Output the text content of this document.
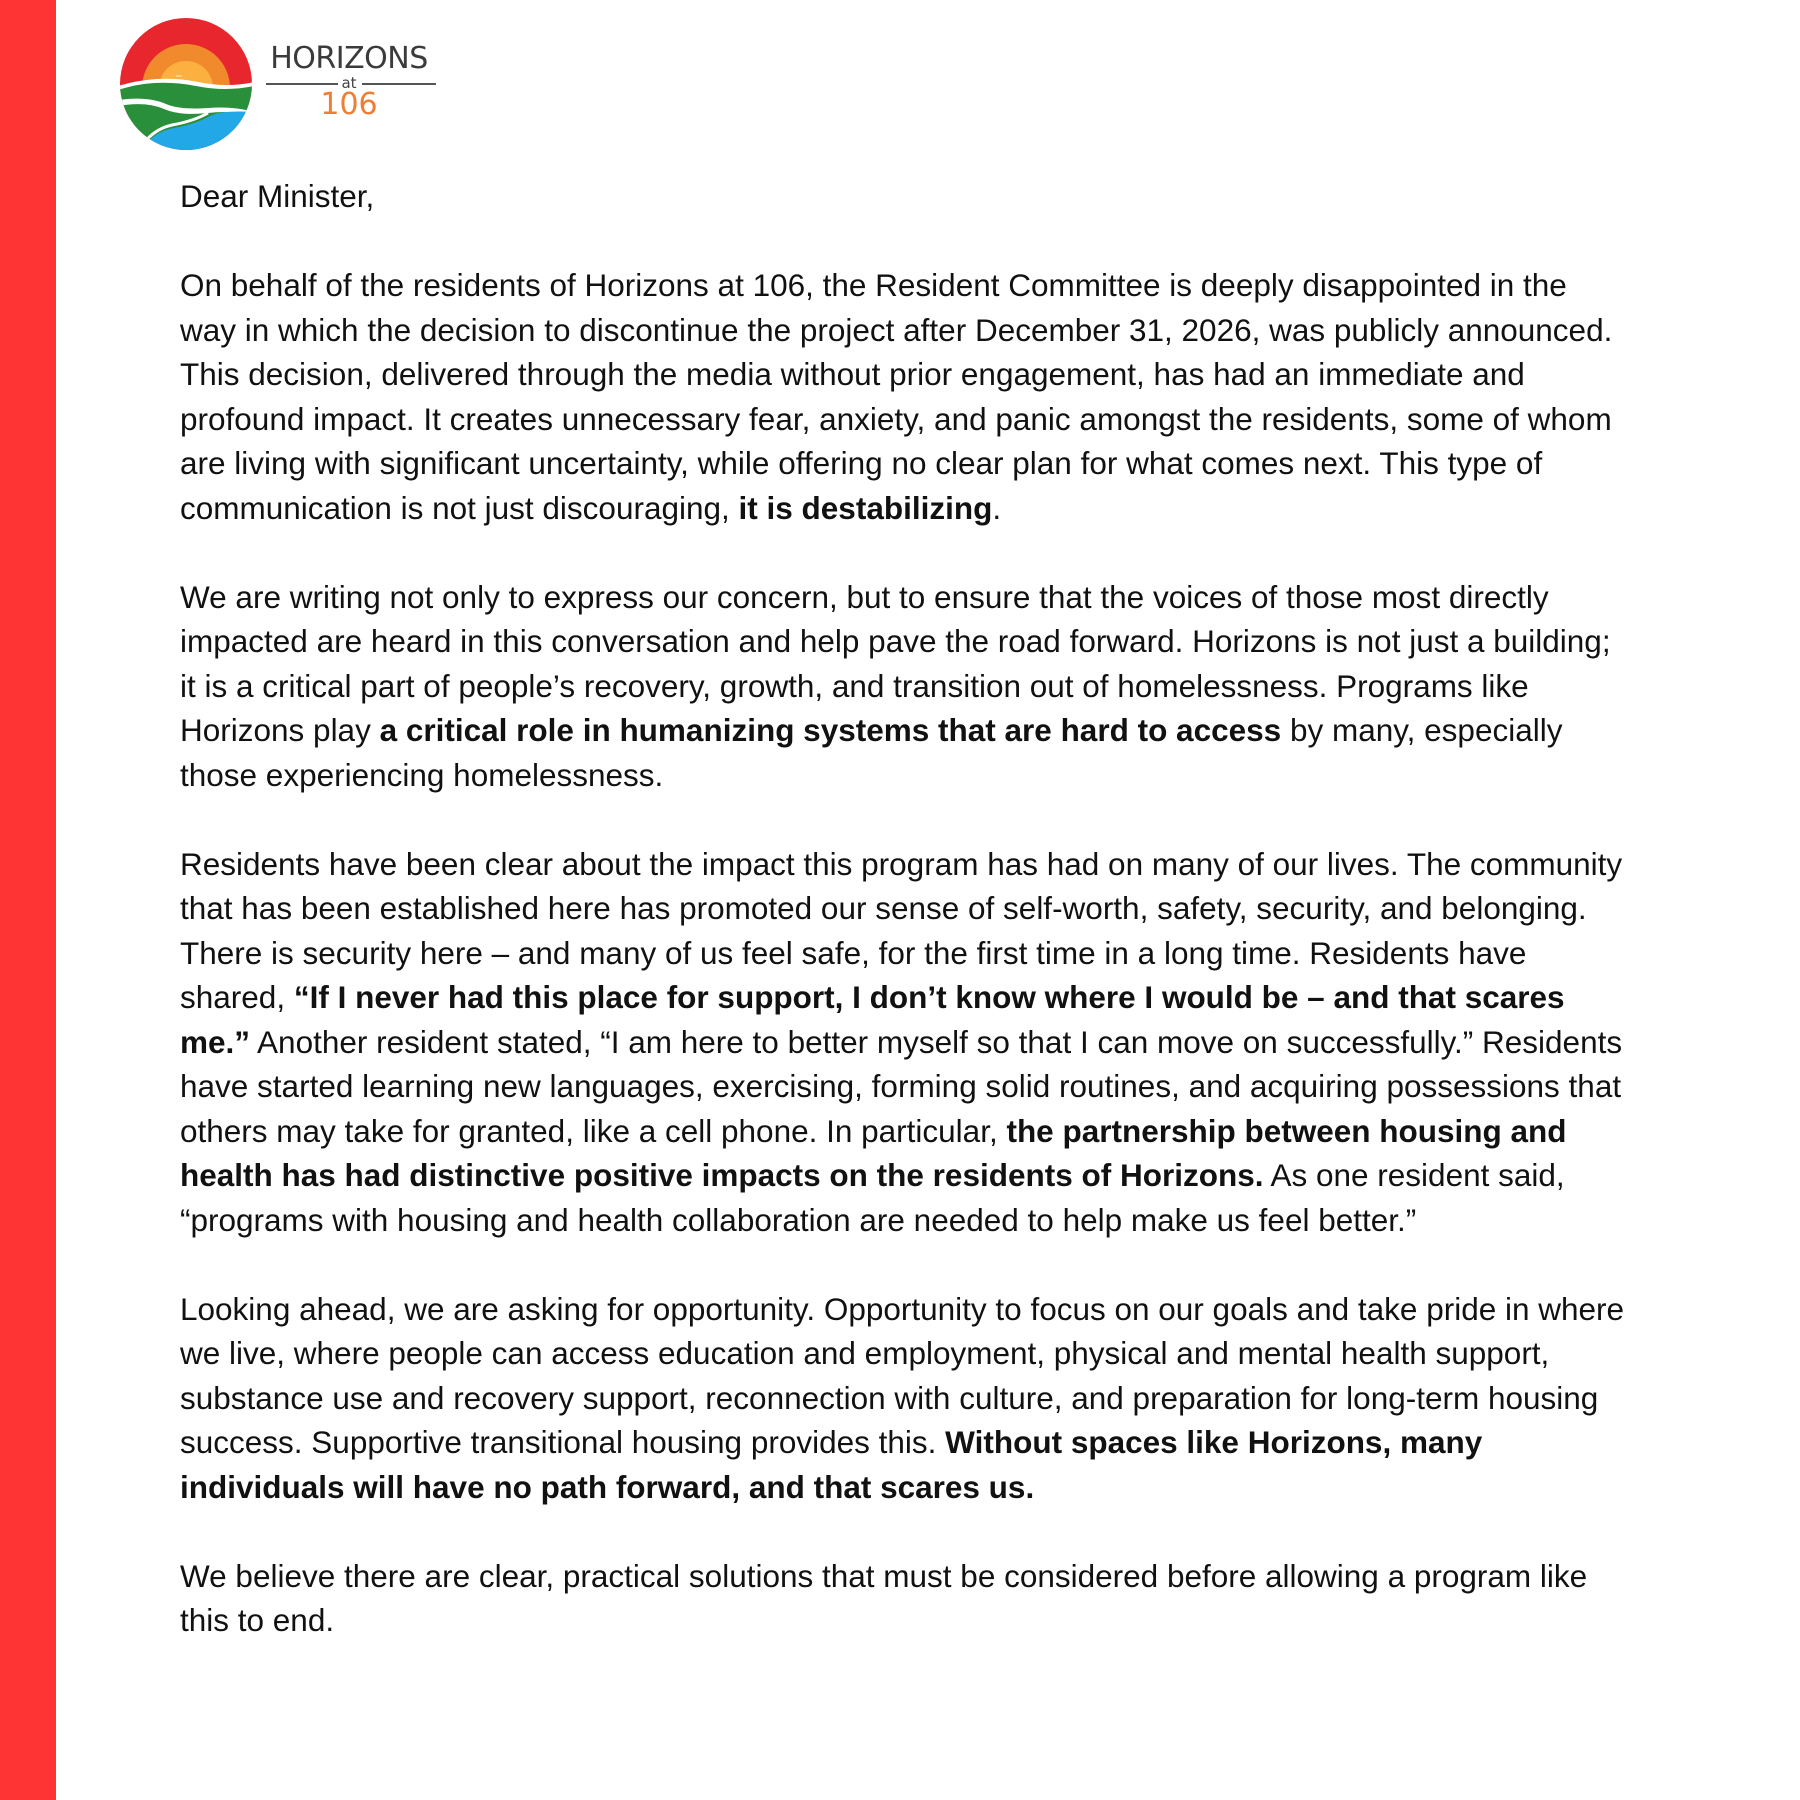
HORIZONS
at
106

Dear Minister,

On behalf of the residents of Horizons at 106, the Resident Committee is deeply disappointed in the way in which the decision to discontinue the project after December 31, 2026, was publicly announced. This decision, delivered through the media without prior engagement, has had an immediate and profound impact. It creates unnecessary fear, anxiety, and panic amongst the residents, some of whom are living with significant uncertainty, while offering no clear plan for what comes next. This type of communication is not just discouraging, it is destabilizing.

We are writing not only to express our concern, but to ensure that the voices of those most directly impacted are heard in this conversation and help pave the road forward. Horizons is not just a building; it is a critical part of people’s recovery, growth, and transition out of homelessness. Programs like Horizons play a critical role in humanizing systems that are hard to access by many, especially those experiencing homelessness.

Residents have been clear about the impact this program has had on many of our lives. The community that has been established here has promoted our sense of self-worth, safety, security, and belonging. There is security here – and many of us feel safe, for the first time in a long time. Residents have shared, “If I never had this place for support, I don’t know where I would be – and that scares me.” Another resident stated, “I am here to better myself so that I can move on successfully.” Residents have started learning new languages, exercising, forming solid routines, and acquiring possessions that others may take for granted, like a cell phone. In particular, the partnership between housing and health has had distinctive positive impacts on the residents of Horizons. As one resident said, “programs with housing and health collaboration are needed to help make us feel better.”

Looking ahead, we are asking for opportunity. Opportunity to focus on our goals and take pride in where we live, where people can access education and employment, physical and mental health support, substance use and recovery support, reconnection with culture, and preparation for long-term housing success. Supportive transitional housing provides this. Without spaces like Horizons, many individuals will have no path forward, and that scares us.

We believe there are clear, practical solutions that must be considered before allowing a program like this to end.
